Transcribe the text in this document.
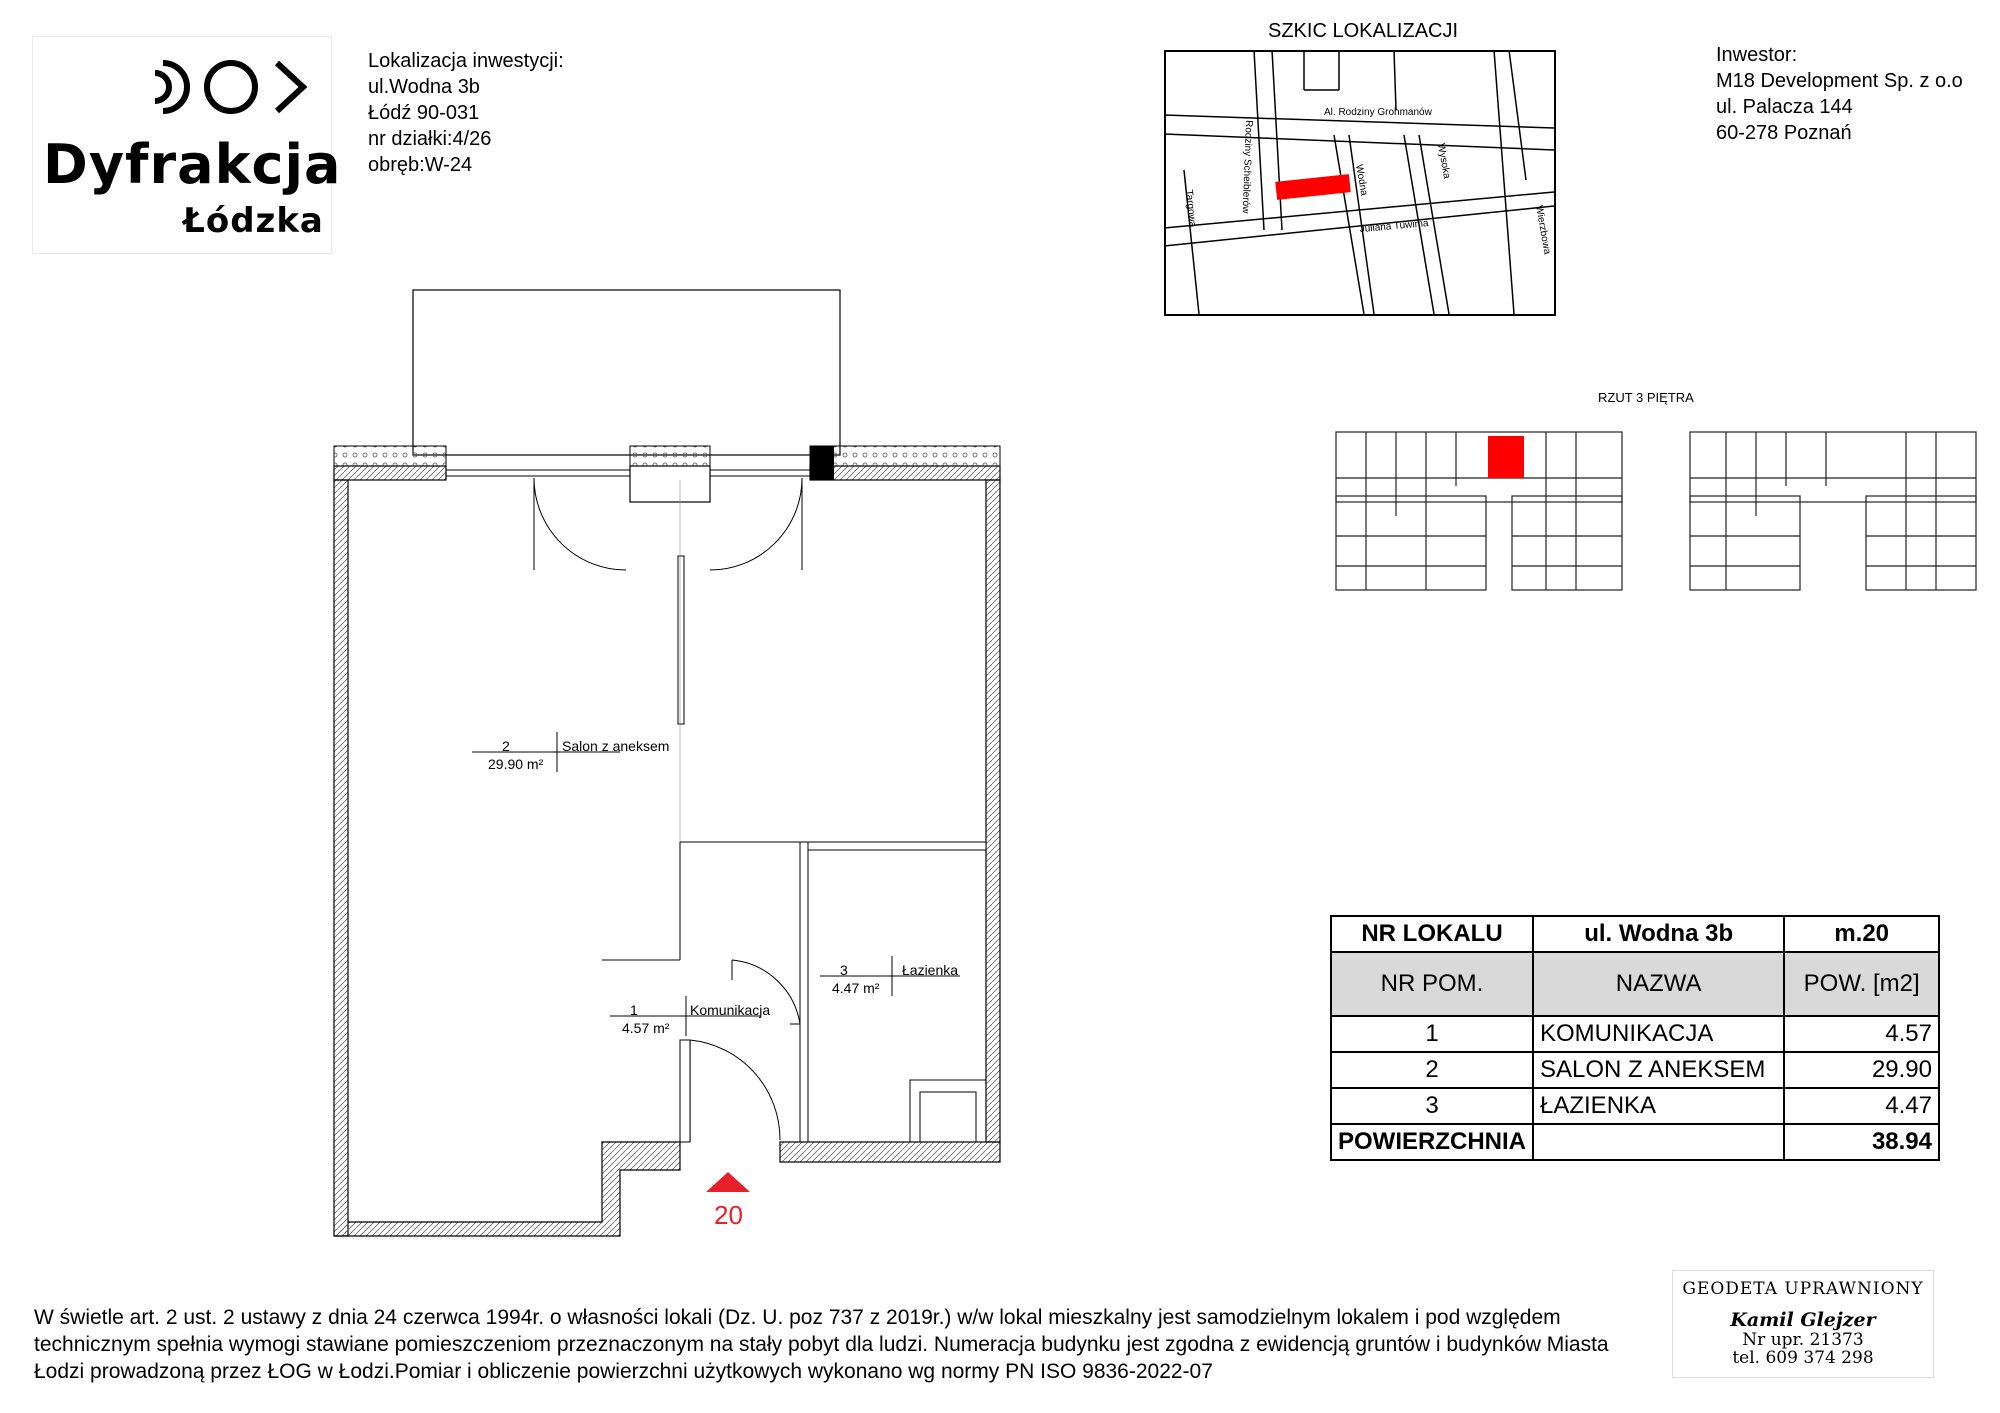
Dyfrakcja
Łódzka
Lokalizacja inwestycji:
ul.Wodna 3b
Łódź 90-031
nr działki:4/26
obręb:W-24
Inwestor:
M18 Development Sp. z o.o
ul. Palacza 144
60-278 Poznań
SZKIC LOKALIZACJI
Al. Rodziny Grohmanów
Rodziny Scheiblerów	Wodna
Wysoka
Targowa	Juliana Tuwima	Wierzbowa
RZUT 3 PIĘTRA
2	Salon z aneksem
29.90 m²
3	Łazienka
4.47 m²
1	Komunikacja
4.57 m²
20
NR LOKALU	ul. Wodna 3b	m.20
NR POM.	NAZWA	POW. [m2]
1	KOMUNIKACJA	4.57
2	SALON Z ANEKSEM	29.90
3	ŁAZIENKA	4.47
POWIERZCHNIA		38.94
W świetle art. 2 ust. 2 ustawy z dnia 24 czerwca 1994r. o własności lokali (Dz. U. poz 737 z 2019r.) w/w lokal mieszkalny jest samodzielnym lokalem i pod względem technicznym spełnia wymogi stawiane pomieszczeniom przeznaczonym na stały pobyt dla ludzi. Numeracja budynku jest zgodna z ewidencją gruntów i budynków Miasta Łodzi prowadzoną przez ŁOG w Łodzi.Pomiar i obliczenie powierzchni użytkowych wykonano wg normy PN ISO 9836-2022-07
GEODETA UPRAWNIONY
Kamil Glejzer
Nr upr. 21373
tel. 609 374 298
